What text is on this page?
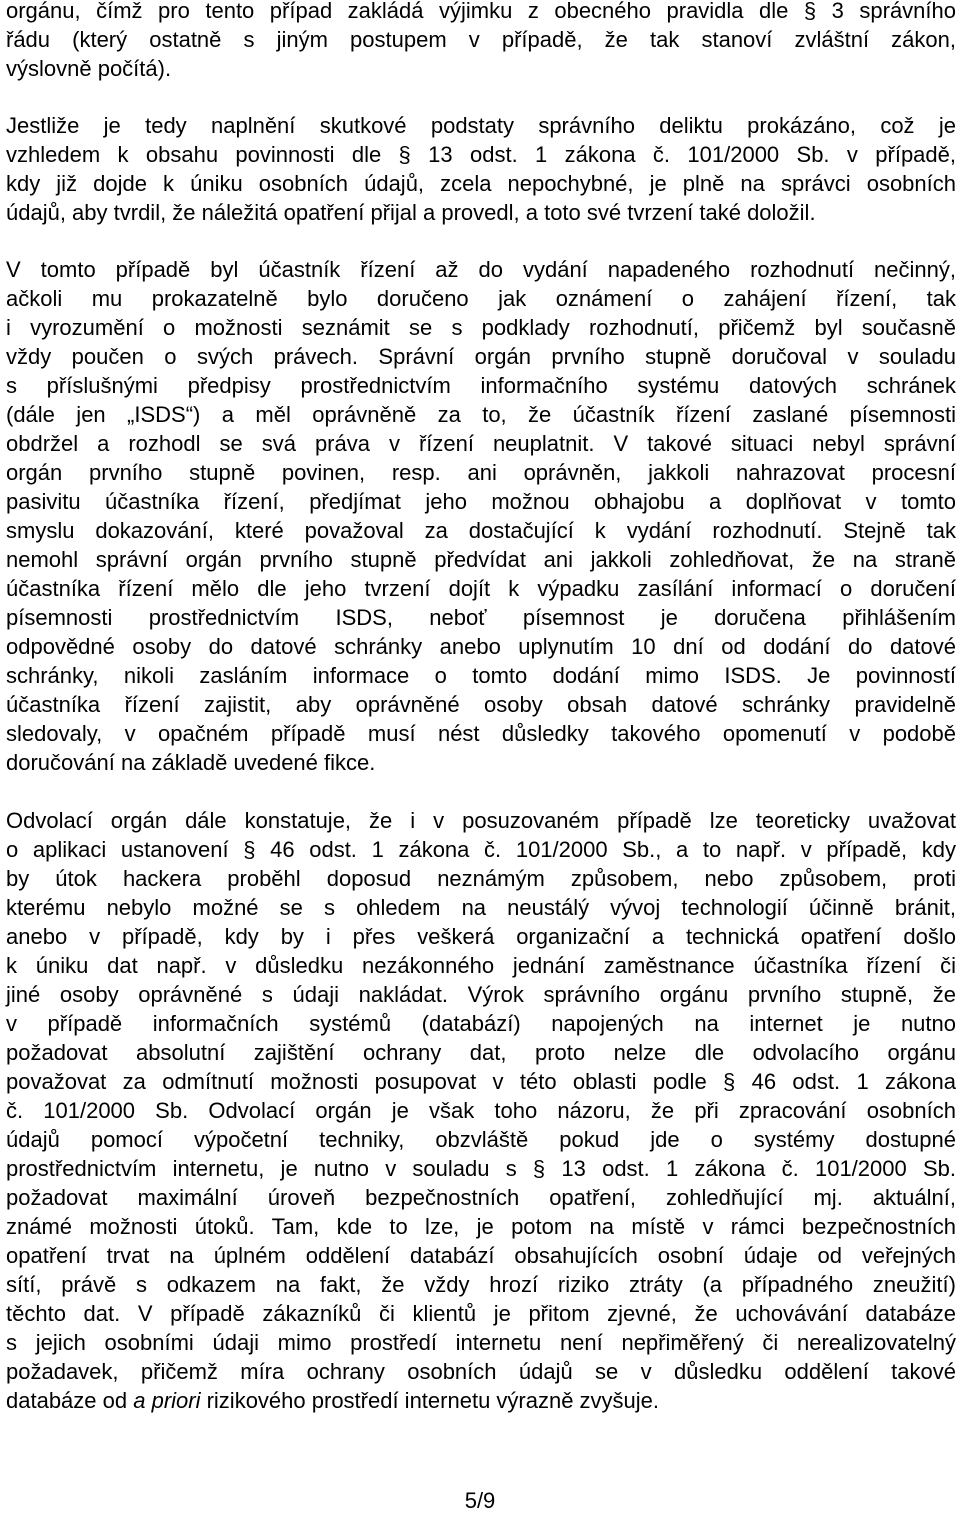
orgánu, čímž pro tento případ zakládá výjimku z obecného pravidla dle § 3 správního
řádu (který ostatně s jiným postupem v případě, že tak stanoví zvláštní zákon,
výslovně počítá).
Jestliže je tedy naplnění skutkové podstaty správního deliktu prokázáno, což je
vzhledem k obsahu povinnosti dle § 13 odst. 1 zákona č. 101/2000 Sb. v případě,
kdy již dojde k úniku osobních údajů, zcela nepochybné, je plně na správci osobních
údajů, aby tvrdil, že náležitá opatření přijal a provedl, a toto své tvrzení také doložil.
V tomto případě byl účastník řízení až do vydání napadeného rozhodnutí nečinný,
ačkoli mu prokazatelně bylo doručeno jak oznámení o zahájení řízení, tak
i vyrozumění o možnosti seznámit se s podklady rozhodnutí, přičemž byl současně
vždy poučen o svých právech. Správní orgán prvního stupně doručoval v souladu
s příslušnými předpisy prostřednictvím informačního systému datových schránek
(dále jen „ISDS“) a měl oprávněně za to, že účastník řízení zaslané písemnosti
obdržel a rozhodl se svá práva v řízení neuplatnit. V takové situaci nebyl správní
orgán prvního stupně povinen, resp. ani oprávněn, jakkoli nahrazovat procesní
pasivitu účastníka řízení, předjímat jeho možnou obhajobu a doplňovat v tomto
smyslu dokazování, které považoval za dostačující k vydání rozhodnutí. Stejně tak
nemohl správní orgán prvního stupně předvídat ani jakkoli zohledňovat, že na straně
účastníka řízení mělo dle jeho tvrzení dojít k výpadku zasílání informací o doručení
písemnosti prostřednictvím ISDS, neboť písemnost je doručena přihlášením
odpovědné osoby do datové schránky anebo uplynutím 10 dní od dodání do datové
schránky, nikoli zasláním informace o tomto dodání mimo ISDS. Je povinností
účastníka řízení zajistit, aby oprávněné osoby obsah datové schránky pravidelně
sledovaly, v opačném případě musí nést důsledky takového opomenutí v podobě
doručování na základě uvedené fikce.
Odvolací orgán dále konstatuje, že i v posuzovaném případě lze teoreticky uvažovat
o aplikaci ustanovení § 46 odst. 1 zákona č. 101/2000 Sb., a to např. v případě, kdy
by útok hackera proběhl doposud neznámým způsobem, nebo způsobem, proti
kterému nebylo možné se s ohledem na neustálý vývoj technologií účinně bránit,
anebo v případě, kdy by i přes veškerá organizační a technická opatření došlo
k úniku dat např. v důsledku nezákonného jednání zaměstnance účastníka řízení či
jiné osoby oprávněné s údaji nakládat. Výrok správního orgánu prvního stupně, že
v případě informačních systémů (databází) napojených na internet je nutno
požadovat absolutní zajištění ochrany dat, proto nelze dle odvolacího orgánu
považovat za odmítnutí možnosti posupovat v této oblasti podle § 46 odst. 1 zákona
č. 101/2000 Sb. Odvolací orgán je však toho názoru, že při zpracování osobních
údajů pomocí výpočetní techniky, obzvláště pokud jde o systémy dostupné
prostřednictvím internetu, je nutno v souladu s § 13 odst. 1 zákona č. 101/2000 Sb.
požadovat maximální úroveň bezpečnostních opatření, zohledňující mj. aktuální,
známé možnosti útoků. Tam, kde to lze, je potom na místě v rámci bezpečnostních
opatření trvat na úplném oddělení databází obsahujících osobní údaje od veřejných
sítí, právě s odkazem na fakt, že vždy hrozí riziko ztráty (a případného zneužití)
těchto dat. V případě zákazníků či klientů je přitom zjevné, že uchovávání databáze
s jejich osobními údaji mimo prostředí internetu není nepřiměřený či nerealizovatelný
požadavek, přičemž míra ochrany osobních údajů se v důsledku oddělení takové
databáze od a priori rizikového prostředí internetu výrazně zvyšuje.
5/9
